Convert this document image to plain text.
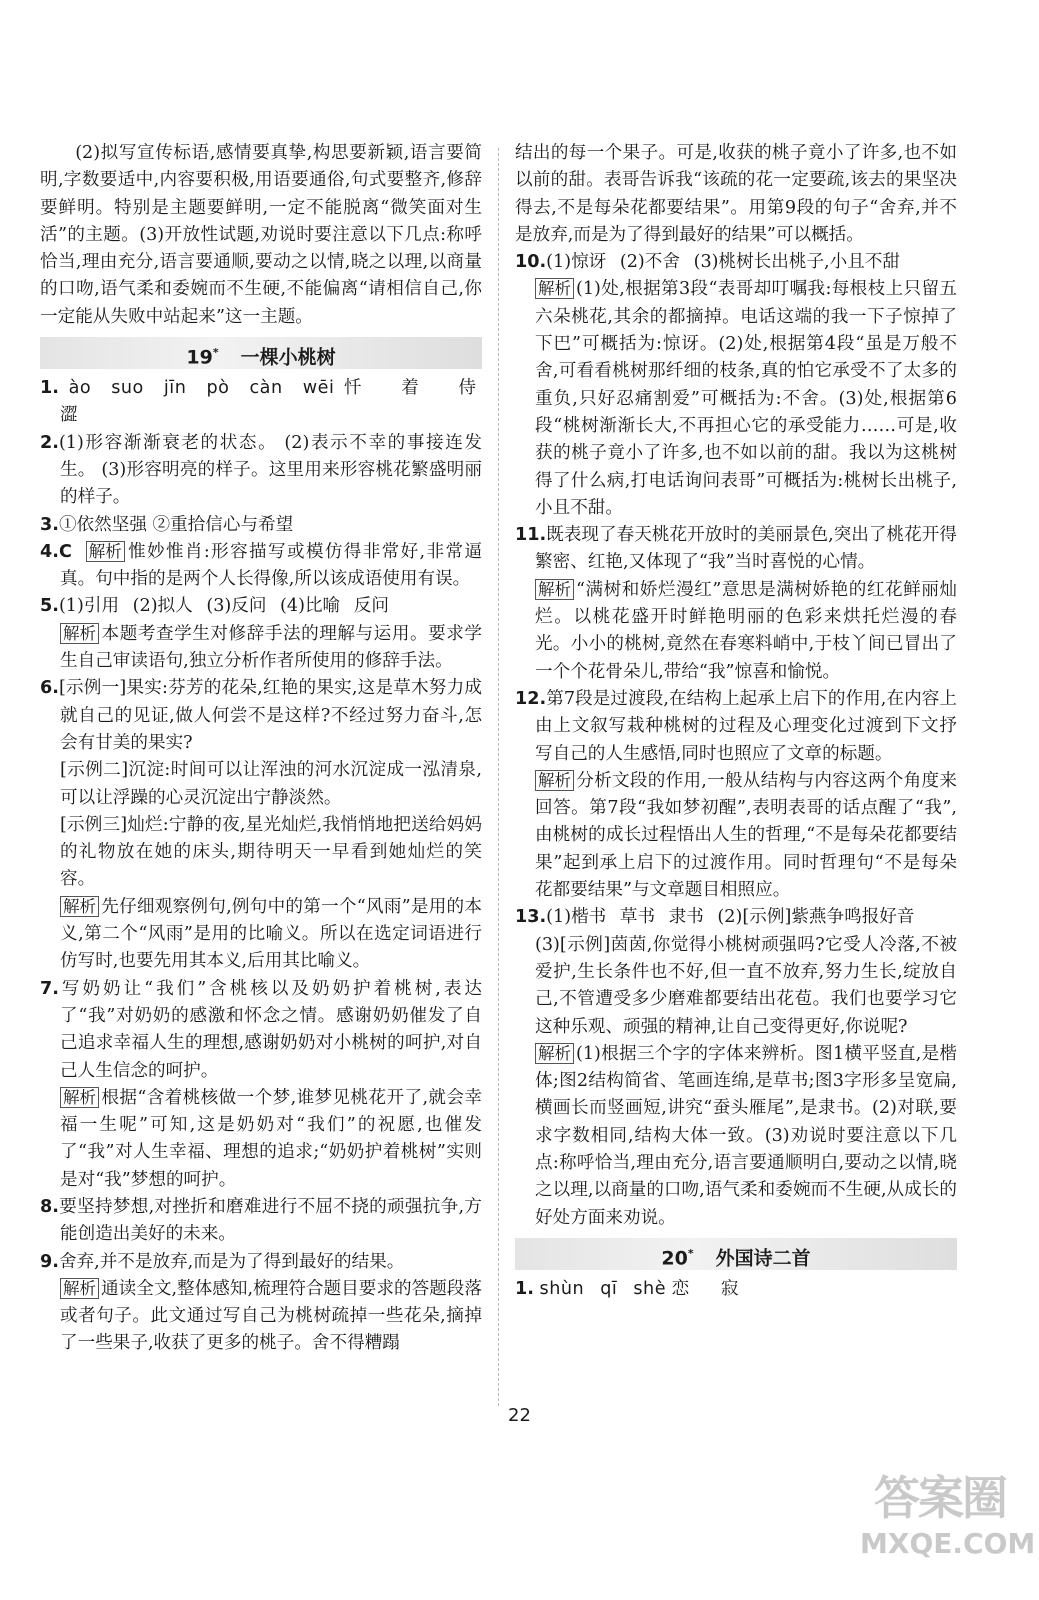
(2)拟写宣传标语,感情要真挚,构思要新颖,语言要简明,字数要适中,内容要积极,用语要通俗,句式要整齐,修辞要鲜明。特别是主题要鲜明,一定不能脱离“微笑面对生活”的主题。(3)开放性试题,劝说时要注意以下几点:称呼恰当,理由充分,语言要通顺,要动之以情,晓之以理,以商量的口吻,语气柔和委婉而不生硬,不能偏离“请相信自己,你一定能从失败中站起来”这一主题。

19* 一棵小桃树

1. ào suo jīn pò càn wēi 忏 着 侍 澀

2.(1)形容渐渐衰老的状态。 (2)表示不幸的事接连发生。 (3)形容明亮的样子。这里用来形容桃花繁盛明丽的样子。

3.①依然坚强 ②重拾信心与希望

4.C 解析 惟妙惟肖:形容描写或模仿得非常好,非常逼真。句中指的是两个人长得像,所以该成语使用有误。

5.(1)引用 (2)拟人 (3)反问 (4)比喻 反问

解析 本题考查学生对修辞手法的理解与运用。要求学生自己审读语句,独立分析作者所使用的修辞手法。

6.[示例一]果实:芬芳的花朵,红艳的果实,这是草木努力成就自己的见证,做人何尝不是这样?不经过努力奋斗,怎会有甘美的果实?

[示例二]沉淀:时间可以让浑浊的河水沉淀成一泓清泉,可以让浮躁的心灵沉淀出宁静淡然。

[示例三]灿烂:宁静的夜,星光灿烂,我悄悄地把送给妈妈的礼物放在她的床头,期待明天一早看到她灿烂的笑容。

解析 先仔细观察例句,例句中的第一个“风雨”是用的本义,第二个“风雨”是用的比喻义。所以在选定词语进行仿写时,也要先用其本义,后用其比喻义。

7.写奶奶让“我们”含桃核以及奶奶护着桃树,表达了“我”对奶奶的感激和怀念之情。感谢奶奶催发了自己追求幸福人生的理想,感谢奶奶对小桃树的呵护,对自己人生信念的呵护。

解析 根据“含着桃核做一个梦,谁梦见桃花开了,就会幸福一生呢”可知,这是奶奶对“我们”的祝愿,也催发了“我”对人生幸福、理想的追求;“奶奶护着桃树”实则是对“我”梦想的呵护。

8.要坚持梦想,对挫折和磨难进行不屈不挠的顽强抗争,方能创造出美好的未来。

9.舍弃,并不是放弃,而是为了得到最好的结果。

解析 通读全文,整体感知,梳理符合题目要求的答题段落或者句子。此文通过写自己为桃树疏掉一些花朵,摘掉了一些果子,收获了更多的桃子。舍不得糟蹋

结出的每一个果子。可是,收获的桃子竟小了许多,也不如以前的甜。表哥告诉我“该疏的花一定要疏,该去的果坚决得去,不是每朵花都要结果”。用第9段的句子“舍弃,并不是放弃,而是为了得到最好的结果”可以概括。

10.(1)惊讶 (2)不舍 (3)桃树长出桃子,小且不甜

解析 (1)处,根据第3段“表哥却叮嘱我:每根枝上只留五六朵桃花,其余的都摘掉。电话这端的我一下子惊掉了下巴”可概括为:惊讶。(2)处,根据第4段“虽是万般不舍,可看看桃树那纤细的枝条,真的怕它承受不了太多的重负,只好忍痛割爱”可概括为:不舍。(3)处,根据第6段“桃树渐渐长大,不再担心它的承受能力……可是,收获的桃子竟小了许多,也不如以前的甜。我以为这桃树得了什么病,打电话询问表哥”可概括为:桃树长出桃子,小且不甜。

11.既表现了春天桃花开放时的美丽景色,突出了桃花开得繁密、红艳,又体现了“我”当时喜悦的心情。

解析 “满树和娇烂漫红”意思是满树娇艳的红花鲜丽灿烂。以桃花盛开时鲜艳明丽的色彩来烘托烂漫的春光。小小的桃树,竟然在春寒料峭中,于枝丫间已冒出了一个个花骨朵儿,带给“我”惊喜和愉悦。

12.第7段是过渡段,在结构上起承上启下的作用,在内容上由上文叙写栽种桃树的过程及心理变化过渡到下文抒写自己的人生感悟,同时也照应了文章的标题。

解析 分析文段的作用,一般从结构与内容这两个角度来回答。第7段“我如梦初醒”,表明表哥的话点醒了“我”,由桃树的成长过程悟出人生的哲理,“不是每朵花都要结果”起到承上启下的过渡作用。同时哲理句“不是每朵花都要结果”与文章题目相照应。

13.(1)楷书 草书 隶书 (2)[示例]紫燕争鸣报好音

(3)[示例]茵茵,你觉得小桃树顽强吗?它受人冷落,不被爱护,生长条件也不好,但一直不放弃,努力生长,绽放自己,不管遭受多少磨难都要结出花苞。我们也要学习它这种乐观、顽强的精神,让自己变得更好,你说呢?

解析 (1)根据三个字的字体来辨析。图1横平竖直,是楷体;图2结构简省、笔画连绵,是草书;图3字形多呈宽扁,横画长而竖画短,讲究“蚕头雁尾”,是隶书。(2)对联,要求字数相同,结构大体一致。(3)劝说时要注意以下几点:称呼恰当,理由充分,语言要通顺明白,要动之以情,晓之以理,以商量的口吻,语气柔和委婉而不生硬,从成长的好处方面来劝说。

20* 外国诗二首

1. shùn qī shè 恋 寂

22
答案圈
MXQE.COM
